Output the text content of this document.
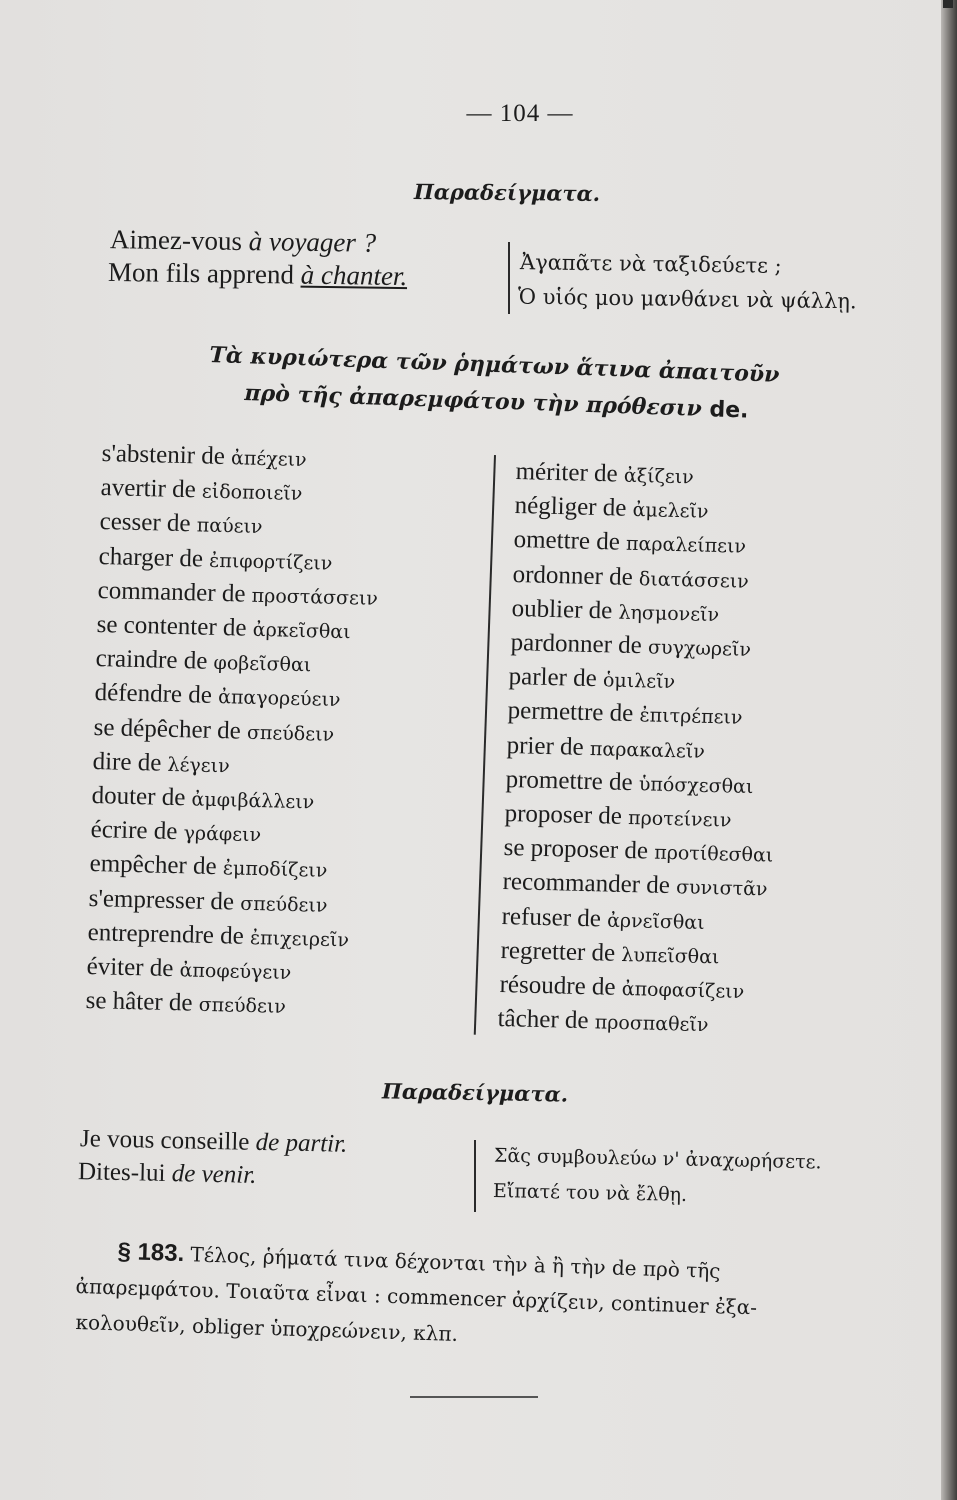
— 104 —
Παραδείγματα.
Aimez-vous à voyager ?
Mon fils apprend à chanter.	Ἀγαπᾶτε νὰ ταξιδεύετε ;
Ὁ υἱός μου μανθάνει νὰ ψάλλῃ.
Τὰ κυριώτερα τῶν ῥημάτων ἅτινα ἀπαιτοῦν
πρὸ τῆς ἀπαρεμφάτου τὴν πρόθεσιν de.
s'abstenir de ἀπέχειν
avertir de εἰδοποιεῖν
cesser de παύειν
charger de ἐπιφορτίζειν
commander de προστάσσειν
se contenter de ἀρκεῖσθαι
craindre de φοβεῖσθαι
défendre de ἀπαγορεύειν
se dépêcher de σπεύδειν
dire de λέγειν
douter de ἀμφιβάλλειν
écrire de γράφειν
empêcher de ἐμποδίζειν
s'empresser de σπεύδειν
entreprendre de ἐπιχειρεῖν
éviter de ἀποφεύγειν
se hâter de σπεύδειν
mériter de ἀξίζειν
négliger de ἀμελεῖν
omettre de παραλείπειν
ordonner de διατάσσειν
oublier de λησμονεῖν
pardonner de συγχωρεῖν
parler de ὁμιλεῖν
permettre de ἐπιτρέπειν
prier de παρακαλεῖν
promettre de ὑπόσχεσθαι
proposer de προτείνειν
se proposer de προτίθεσθαι
recommander de συνιστᾶν
refuser de ἀρνεῖσθαι
regretter de λυπεῖσθαι
résoudre de ἀποφασίζειν
tâcher de προσπαθεῖν
Παραδείγματα.
Je vous conseille de partir.
Dites-lui de venir.
Σᾶς συμβουλεύω ν' ἀναχωρήσετε.
Εἴπατέ του νὰ ἔλθῃ.
§ 183. Τέλος, ῥήματά τινα δέχονται τὴν à ἢ τὴν de πρὸ τῆς
ἀπαρεμφάτου. Τοιαῦτα εἶναι : commencer ἀρχίζειν, continuer ἐξα-
κολουθεῖν, obliger ὑποχρεώνειν, κλπ.
